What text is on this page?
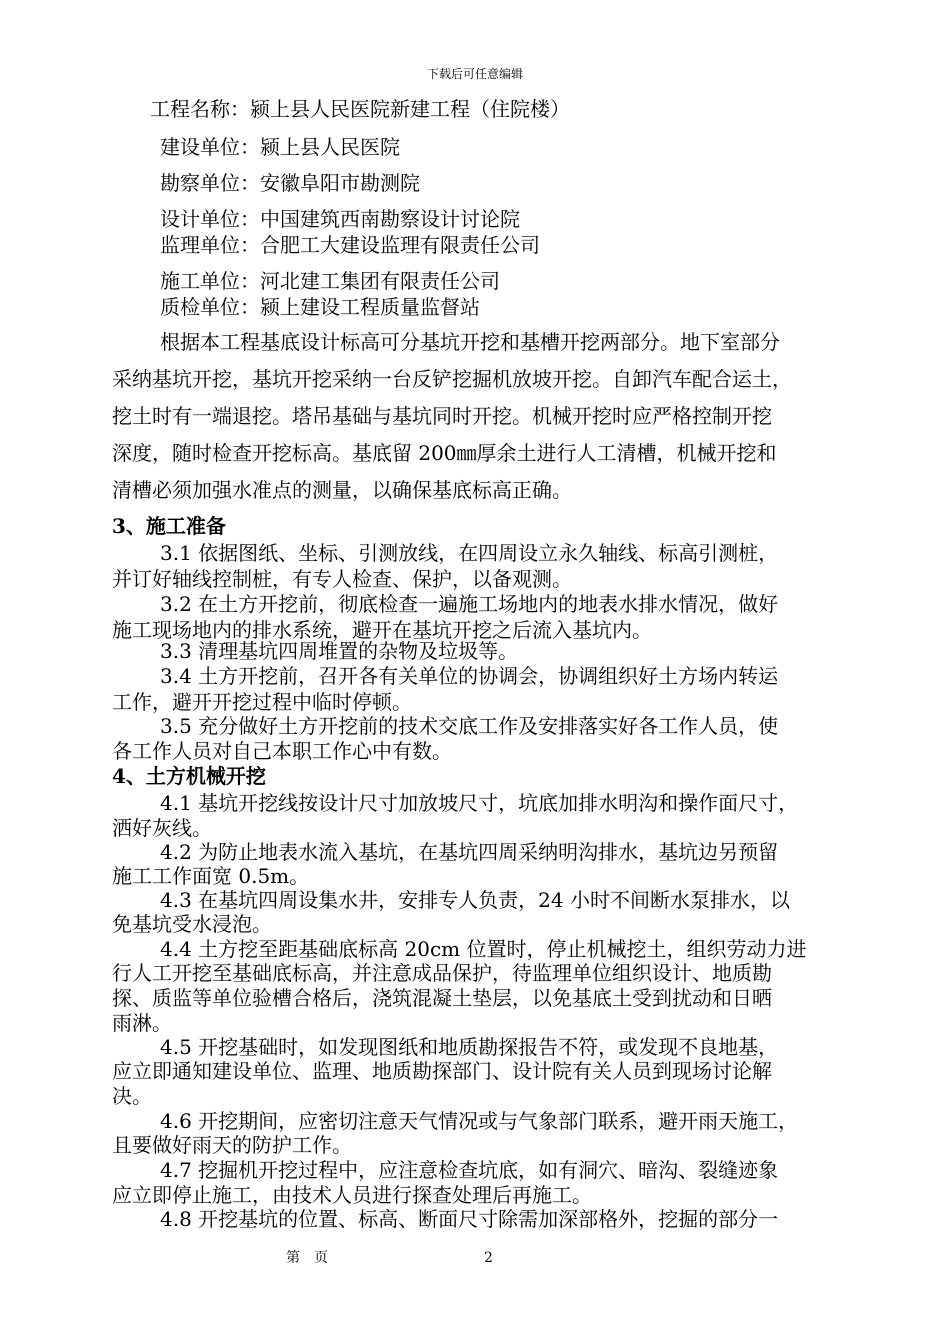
下载后可任意编辑
工程名称：颍上县人民医院新建工程（住院楼）
建设单位：颍上县人民医院
勘察单位：安徽阜阳市勘测院
设计单位：中国建筑西南勘察设计讨论院
监理单位：合肥工大建设监理有限责任公司
施工单位：河北建工集团有限责任公司
质检单位：颍上建设工程质量监督站
根据本工程基底设计标高可分基坑开挖和基槽开挖两部分。地下室部分
采纳基坑开挖，基坑开挖采纳一台反铲挖掘机放坡开挖。自卸汽车配合运土，
挖土时有一端退挖。塔吊基础与基坑同时开挖。机械开挖时应严格控制开挖
深度，随时检查开挖标高。基底留 200㎜厚余土进行人工清槽，机械开挖和
清槽必须加强水准点的测量，以确保基底标高正确。
3、施工准备
3.1 依据图纸、坐标、引测放线，在四周设立永久轴线、标高引测桩，
并订好轴线控制桩，有专人检查、保护，以备观测。
3.2 在土方开挖前，彻底检查一遍施工场地内的地表水排水情况，做好
施工现场地内的排水系统，避开在基坑开挖之后流入基坑内。
3.3 清理基坑四周堆置的杂物及垃圾等。
3.4 土方开挖前，召开各有关单位的协调会，协调组织好土方场内转运
工作，避开开挖过程中临时停顿。
3.5 充分做好土方开挖前的技术交底工作及安排落实好各工作人员，使
各工作人员对自己本职工作心中有数。
4、土方机械开挖
4.1 基坑开挖线按设计尺寸加放坡尺寸，坑底加排水明沟和操作面尺寸，
洒好灰线。
4.2 为防止地表水流入基坑，在基坑四周采纳明沟排水，基坑边另预留
施工工作面宽 0.5m。
4.3 在基坑四周设集水井，安排专人负责，24 小时不间断水泵排水，以
免基坑受水浸泡。
4.4 土方挖至距基础底标高 20cm 位置时，停止机械挖土，组织劳动力进
行人工开挖至基础底标高，并注意成品保护，待监理单位组织设计、地质勘
探、质监等单位验槽合格后，浇筑混凝土垫层，以免基底土受到扰动和日晒
雨淋。
4.5 开挖基础时，如发现图纸和地质勘探报告不符，或发现不良地基，
应立即通知建设单位、监理、地质勘探部门、设计院有关人员到现场讨论解
决。
4.6 开挖期间，应密切注意天气情况或与气象部门联系，避开雨天施工，
且要做好雨天的防护工作。
4.7 挖掘机开挖过程中，应注意检查坑底，如有洞穴、暗沟、裂缝迹象
应立即停止施工，由技术人员进行探查处理后再施工。
4.8 开挖基坑的位置、标高、断面尺寸除需加深部格外，挖掘的部分一
第　页	2
